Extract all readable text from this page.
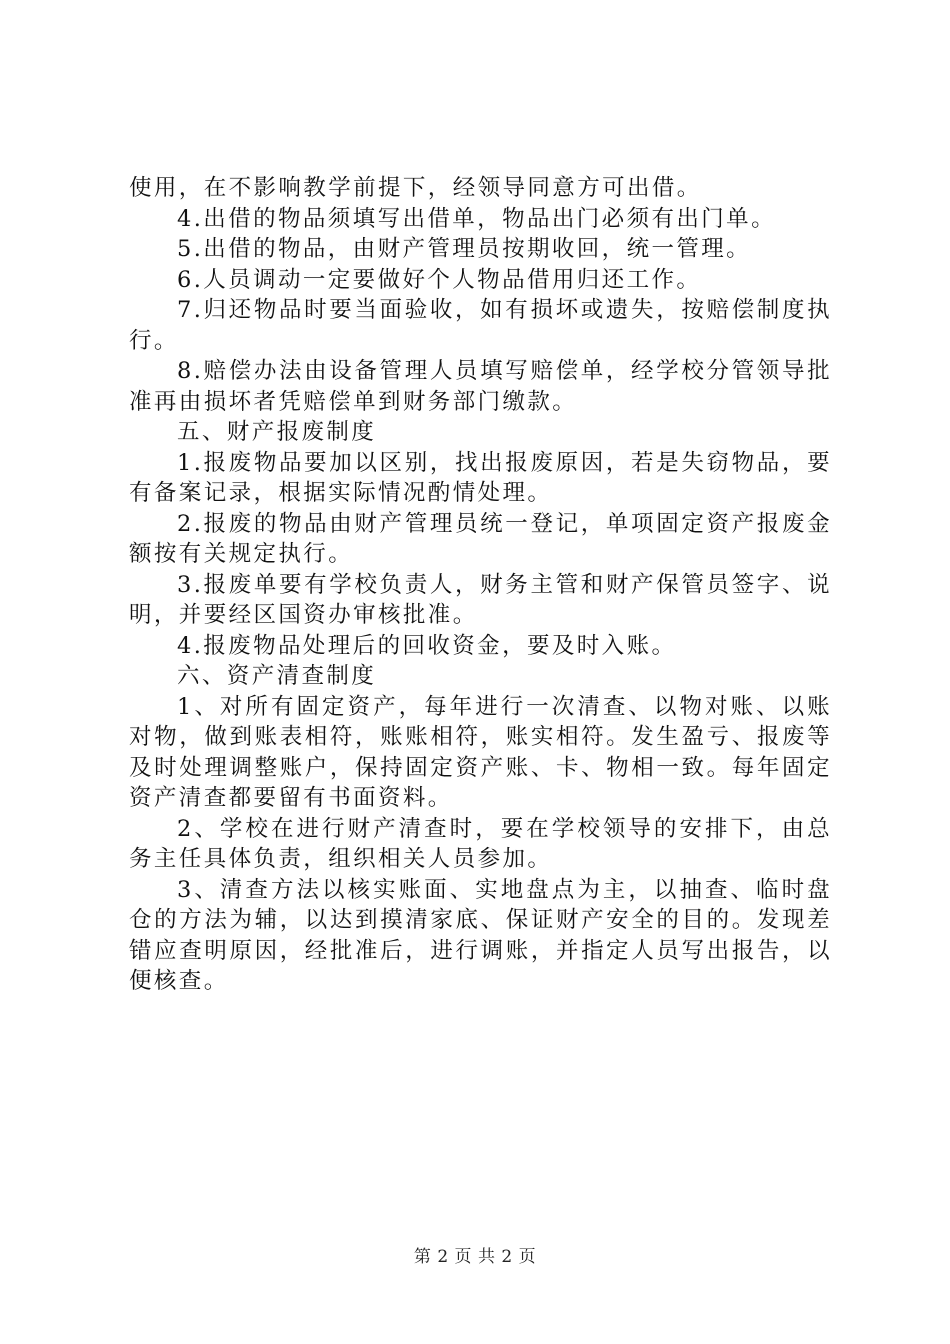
使用，在不影响教学前提下，经领导同意方可出借。

4.出借的物品须填写出借单，物品出门必须有出门单。

5.出借的物品，由财产管理员按期收回，统一管理。

6.人员调动一定要做好个人物品借用归还工作。

7.归还物品时要当面验收，如有损坏或遗失，按赔偿制度执行。

8.赔偿办法由设备管理人员填写赔偿单，经学校分管领导批准再由损坏者凭赔偿单到财务部门缴款。

五、财产报废制度

1.报废物品要加以区别，找出报废原因，若是失窃物品，要有备案记录，根据实际情况酌情处理。

2.报废的物品由财产管理员统一登记，单项固定资产报废金额按有关规定执行。

3.报废单要有学校负责人，财务主管和财产保管员签字、说明，并要经区国资办审核批准。

4.报废物品处理后的回收资金，要及时入账。

六、资产清查制度

1、对所有固定资产，每年进行一次清查、以物对账、以账对物，做到账表相符，账账相符，账实相符。发生盈亏、报废等及时处理调整账户，保持固定资产账、卡、物相一致。每年固定资产清查都要留有书面资料。

2、学校在进行财产清查时，要在学校领导的安排下，由总务主任具体负责，组织相关人员参加。

3、清查方法以核实账面、实地盘点为主，以抽查、临时盘仓的方法为辅，以达到摸清家底、保证财产安全的目的。发现差错应查明原因，经批准后，进行调账，并指定人员写出报告，以便核查。

第 2 页 共 2 页
